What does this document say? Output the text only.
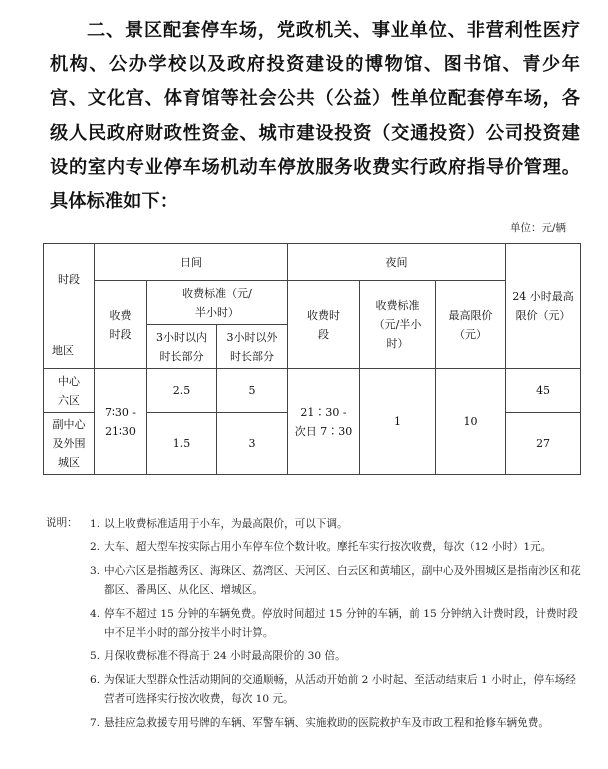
二、景区配套停车场，党政机关、事业单位、非营利性医疗机构、公办学校以及政府投资建设的博物馆、图书馆、青少年宫、文化宫、体育馆等社会公共（公益）性单位配套停车场，各级人民政府财政性资金、城市建设投资（交通投资）公司投资建设的室内专业停车场机动车停放服务收费实行政府指导价管理。具体标准如下：
单位：元/辆
时段
地区	日间			夜间			24 小时最高限价（元）
	收费时段	收费标准（元/半小时）		收费时段	收费标准（元/半小时）	最高限价（元）	
		3小时以内时长部分	3小时以外时长部分				
中心六区	7∶30 - 21∶30	2.5	5	21∶30 - 次日 7∶30	1	10	45
副中心及外围城区		1.5	3				27
说明： 1. 以上收费标准适用于小车，为最高限价，可以下调。
2. 大车、超大型车按实际占用小车停车位个数计收。摩托车实行按次收费，每次（12 小时）1元。
3. 中心六区是指越秀区、海珠区、荔湾区、天河区、白云区和黄埔区，副中心及外围城区是指南沙区和花都区、番禺区、从化区、增城区。
4. 停车不超过 15 分钟的车辆免费。停放时间超过 15 分钟的车辆，前 15 分钟纳入计费时段，计费时段中不足半小时的部分按半小时计算。
5. 月保收费标准不得高于 24 小时最高限价的 30 倍。
6. 为保证大型群众性活动期间的交通顺畅，从活动开始前 2 小时起、至活动结束后 1 小时止，停车场经营者可选择实行按次收费，每次 10 元。
7. 悬挂应急救援专用号牌的车辆、军警车辆、实施救助的医院救护车及市政工程和抢修车辆免费。
